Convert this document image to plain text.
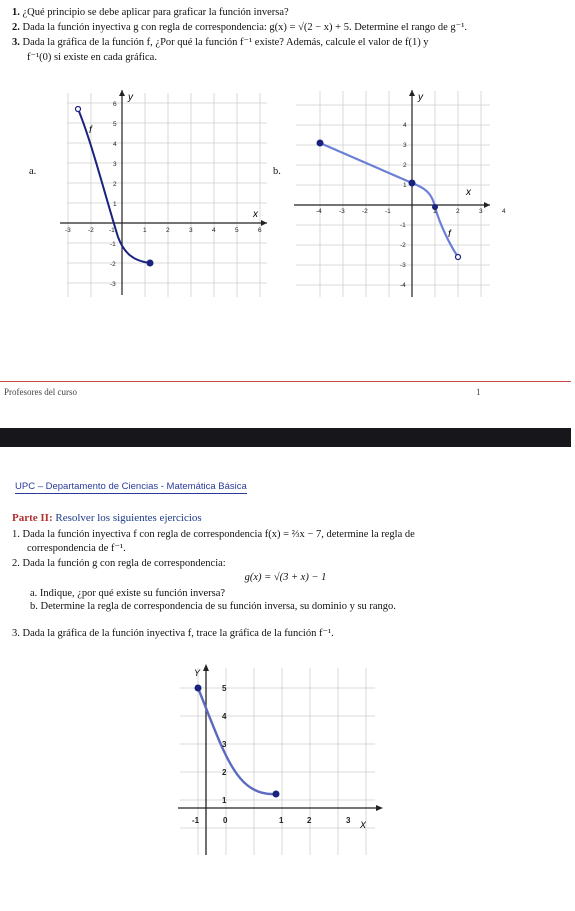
1. ¿Qué principio se debe aplicar para graficar la función inversa?
2. Dada la función inyectiva g con regla de correspondencia: g(x) = √(2 − x) + 5. Determine el rango de g⁻¹.
3. Dada la gráfica de la función f, ¿Por qué la función f⁻¹ existe? Además, calcule el valor de f(1) y
f⁻¹(0) si existe en cada gráfica.
a.
f
x
y
-3	-2 -1	1	2	3	4	5	6
6
5
4
3
2
1
-1
-2
-3
b.
x
y
f
-4	-3	-2	-1	1	2	3	4
4
3
2
1
-1
-2
-3
-4
Profesores del curso	1
UPC – Departamento de Ciencias - Matemática Básica
Parte II: Resolver los siguientes ejercicios
1. Dada la función inyectiva f con regla de correspondencia f(x) = ⅔x − 7, determine la regla de
correspondencia de f⁻¹.
2. Dada la función g con regla de correspondencia:
g(x) = √(3 + x) − 1
a. Indique, ¿por qué existe su función inversa?
b. Determine la regla de correspondencia de su función inversa, su dominio y su rango.
3. Dada la gráfica de la función inyectiva f, trace la gráfica de la función f⁻¹.
Y
X
-1	0	1	2	3
5
4
3
2
1
